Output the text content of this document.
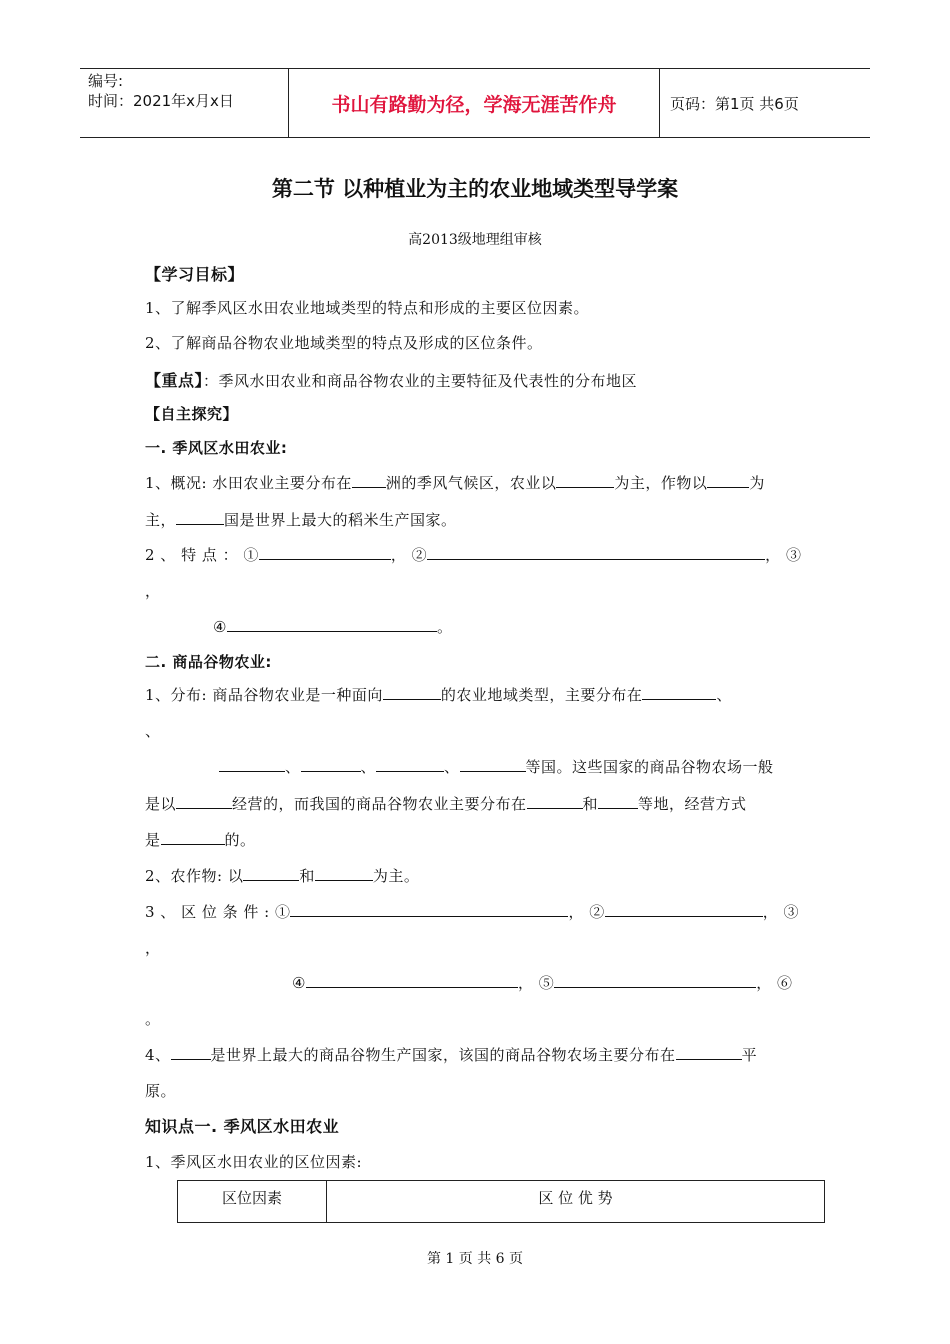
编号:
时间：2021年x月x日	书山有路勤为径，学海无涯苦作舟	页码：第1页 共6页
第二节 以种植业为主的农业地域类型导学案
高2013级地理组审核
【学习目标】
1、了解季风区水田农业地域类型的特点和形成的主要区位因素。
2、了解商品谷物农业地域类型的特点及形成的区位条件。
【重点】：季风水田农业和商品谷物农业的主要特征及代表性的分布地区
【自主探究】
一. 季风区水田农业:
1、概况: 水田农业主要分布在 洲的季风气候区，农业以	为主，作物以	为
主，	国是世界上最大的稻米生产国家。
2 、 特 点 ： ①	， ②	， ③
，
④	。
二. 商品谷物农业:
1、分布: 商品谷物农业是一种面向	的农业地域类型，主要分布在	、
、
、	、	、	等国。这些国家的商品谷物农场一般
是以	经营的，而我国的商品谷物农业主要分布在	和	等地，经营方式
是	的。
2、农作物: 以	和	为主。
3 、 区 位 条 件 : ①	， ②	， ③
，
④	， ⑤	， ⑥
。
4、	是世界上最大的商品谷物生产国家，该国的商品谷物农场主要分布在	平
原。
知识点一. 季风区水田农业
1、季风区水田农业的区位因素:
区位因素	区 位 优 势
第 1 页 共 6 页
